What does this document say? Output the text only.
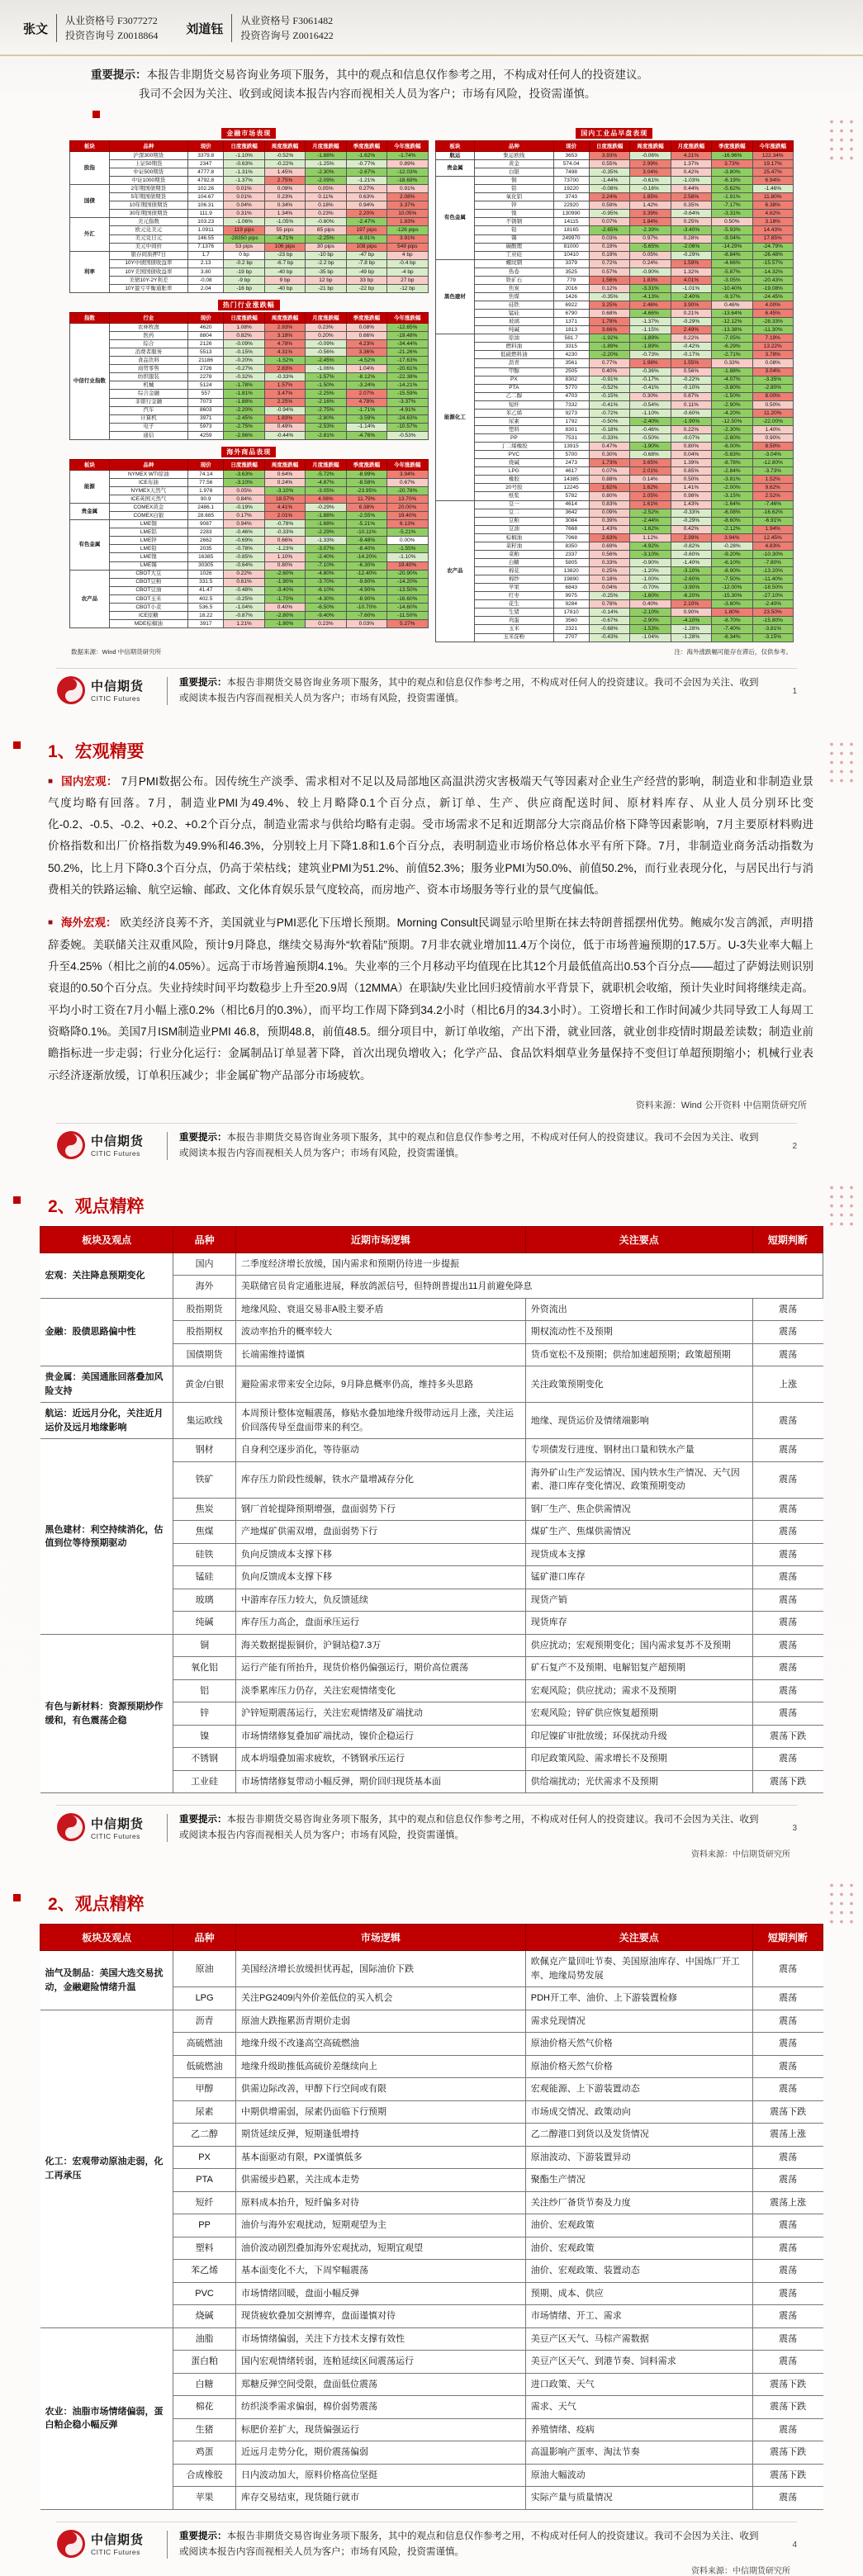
张文
从业资格号 F3077272
投资咨询号 Z0018864 刘道钰
从业资格号 F3061482
投资咨询号 Z0016422
重要提示：本报告非期货交易咨询业务项下服务，其中的观点和信息仅作参考之用，不构成对任何人的投资建议。
我司不会因为关注、收到或阅读本报告内容而视相关人员为客户；市场有风险，投资需谨慎。
金融市场表现
板块	品种	现价	日度涨跌幅	周度涨跌幅	月度涨跌幅	季度涨跌幅	今年涨跌幅
股指	沪深300期货	3379.8	-1.10%	-0.52%	-1.88%	-1.62%	-1.74%
	上证50期货	2347	-0.63%	-0.22%	-1.25%	-0.77%	0.89%
	中证500期货	4777.8	-1.31%	1.45%	-2.30%	-2.67%	-12.03%
	中证1000期货	4792.8	-1.37%	2.75%	-2.09%	-1.21%	-18.69%
国债	2年期国债期货	102.26	0.01%	0.09%	0.05%	0.27%	0.91%
	5年期国债期货	104.67	0.01%	0.23%	0.11%	0.63%	2.08%
	10年期国债期货	106.31	0.04%	0.34%	0.18%	0.94%	3.37%
	30年期国债期货	111.9	0.31%	1.34%	0.23%	2.20%	10.05%
外汇	美元指数	103.23	-1.06%	-1.05%	-0.80%	-2.47%	1.83%
	欧元兑美元	1.0911	119 pips	55 pips	85 pips	197 pips	-126 pips
	美元兑日元	146.55	-28350 pips	-4.71%	-2.25%	-8.91%	3.91%
	美元中间价	7.1376	53 pips	106 pips	30 pips	108 pips	549 pips
利率	银存间质押7日	1.7	0 bp	-23 bp	-10 bp	-47 bp	4 bp
	10Y中债国债收益率	2.13	-0.2 bp	-6.7 bp	-2.2 bp	-7.8 bp	-0.4 bp
	10Y美国国债收益率	3.80	-19 bp	-40 bp	-35 bp	-49 bp	-4 bp
	美债10Y-2Y利差	-0.08	-9 bp	9 bp	12 bp	33 bp	27 bp
	10Y盈亏平衡通胀率	2.04	-16 bp	-40 bp	-21 bp	-22 bp	-12 bp
热门行业涨跌幅
指数	行业	现价	日度涨跌幅	周度涨跌幅	月度涨跌幅	季度涨跌幅	今年涨跌幅
中信行业指数	农林牧渔	4620	1.08%	2.93%	0.23%	0.08%	-12.65%
	医药	8804	0.82%	3.18%	0.20%	0.66%	-19.48%
	综合	2126	-0.09%	4.78%	-0.09%	4.23%	-34.44%
	消费者服务	5513	-0.15%	4.31%	-0.56%	3.36%	-21.26%
	食品饮料	21186	-0.20%	-1.52%	-2.45%	-4.52%	-17.63%
	商贸零售	2726	-0.27%	2.83%	-1.06%	1.04%	-20.61%
	纺织服装	2278	-0.32%	-0.33%	-1.57%	-8.12%	-22.38%
	机械	5124	-1.78%	1.57%	-1.50%	-3.24%	-14.21%
	综合金融	557	-1.81%	3.47%	-2.25%	2.07%	-15.59%
	非银行金融	7073	-1.88%	2.25%	-2.16%	4.78%	-3.37%
	汽车	8603	-2.20%	-0.94%	-2.75%	-1.71%	-4.91%
	计算机	3971	-2.45%	1.83%	-2.80%	-3.59%	-24.63%
	电子	5973	-2.75%	0.49%	-2.53%	-1.14%	-10.57%
	通信	4259	-2.96%	-0.44%	-2.81%	-4.76%	-0.53%
海外商品表现
板块	品种	现价	日度涨跌幅	周度涨跌幅	月度涨跌幅	季度涨跌幅	今年涨跌幅
能源	NYMEX WTI原油	74.14	-3.63%	0.64%	-5.72%	-8.99%	3.94%
	ICE布油	77.56	-3.10%	0.24%	-4.87%	-8.58%	0.67%
	NYMEX天然气	1.978	0.05%	-3.10%	-3.05%	-23.95%	-20.78%
	ICE英国天然气	90.9	0.84%	18.57%	4.08%	11.79%	13.70%
贵金属	COMEX黄金	2486.1	-0.19%	4.41%	-0.29%	6.38%	20.00%
	COMEX白银	28.685	0.17%	2.01%	-1.88%	-2.55%	19.40%
有色金属	LME铜	9087	0.94%	-0.78%	-1.68%	-5.21%	6.13%
	LME铝	2283	-0.46%	-0.33%	-2.29%	-10.11%	-5.21%
	LME锌	2662	-0.69%	0.66%	-1.33%	-9.48%	0.00%
	LME铅	2035	-0.78%	-1.23%	-3.07%	-8.40%	-1.55%
	LME镍	16385	-0.85%	1.10%	-2.40%	-14.20%	-1.10%
	LME锡	30305	-0.64%	0.80%	-7.10%	-6.30%	19.40%
农产品	CBOT大豆	1026	0.22%	-2.60%	-4.80%	-12.40%	-20.90%
	CBOT豆粕	331.5	0.61%	-1.90%	-3.70%	-9.80%	-14.20%
	CBOT豆油	41.47	-0.48%	-3.40%	-6.10%	-4.90%	-13.50%
	CBOT玉米	402.5	-0.25%	-1.70%	-4.30%	-8.90%	-16.60%
	CBOT小麦	536.5	-1.04%	0.40%	-6.50%	-10.70%	-14.60%
	ICE原糖	18.22	-0.87%	-2.80%	-9.40%	-7.60%	-11.50%
	MDE棕榈油	3917	1.21%	-1.80%	0.23%	0.03%	5.27%
国内工业品早盘表现
板块	品种	现价	日度涨跌幅	周度涨跌幅	月度涨跌幅	季度涨跌幅	今年涨跌幅
航运	集运欧线	3653	3.93%	-0.06%	4.21%	-16.96%	122.34%
贵金属	黄金	574.04	0.55%	2.99%	1.37%	3.73%	19.17%
	白银	7498	-0.35%	3.04%	0.42%	-3.80%	25.47%
有色金属	铜	73700	-1.44%	-0.61%	-1.03%	-6.19%	6.94%
	铝	19220	-0.08%	-0.16%	0.44%	-5.62%	-1.46%
	氧化铝	3743	2.24%	1.85%	2.58%	-1.91%	11.80%
	锌	22920	0.59%	1.42%	0.35%	-7.17%	6.38%
	镍	130990	-0.95%	3.39%	-0.64%	-3.31%	4.62%
	不锈钢	14115	0.07%	1.84%	0.25%	0.50%	3.18%
	铅	18165	-2.65%	-2.39%	-3.40%	-5.93%	14.43%
	锡	249970	0.03%	0.97%	0.28%	-9.04%	17.85%
	碳酸锂	81000	0.19%	-5.65%	-2.06%	-14.29%	-24.79%
	工业硅	10410	0.19%	0.05%	-0.29%	-8.84%	-26.48%
黑色建材	螺纹钢	3379	0.72%	0.24%	1.59%	-4.66%	-15.57%
	热卷	3525	0.57%	-0.90%	1.32%	-5.87%	-14.32%
	铁矿石	779	1.56%	1.83%	4.01%	-3.05%	-20.43%
	焦炭	2016	0.12%	-3.31%	-1.01%	-10.40%	-19.08%
	焦煤	1426	-0.35%	-4.13%	-2.40%	-9.37%	-24.45%
	硅铁	6922	3.25%	2.46%	3.90%	0.46%	4.00%
	锰硅	6790	0.68%	-4.66%	0.21%	-13.64%	6.45%
	玻璃	1371	1.78%	-1.37%	-0.29%	-12.12%	-28.33%
	纯碱	1813	3.66%	-1.15%	2.49%	-13.38%	-11.30%
能源化工	原油	581.7	-1.92%	-1.89%	0.22%	-7.05%	7.19%
	燃料油	3315	-1.89%	-1.89%	-0.42%	-6.29%	13.22%
	低硫燃料油	4230	-2.20%	-0.73%	-0.17%	-2.71%	3.78%
	沥青	3561	0.77%	1.98%	1.55%	0.33%	0.08%
	甲醇	2505	0.40%	-0.36%	0.56%	-1.88%	3.04%
	PX	8302	-0.91%	-0.17%	-0.22%	-4.07%	-3.35%
	PTA	5770	-0.52%	-0.41%	-0.10%	-3.80%	-2.80%
	乙二醇	4703	-0.15%	0.30%	0.87%	-1.50%	8.00%
	短纤	7332	-0.41%	-0.54%	0.11%	-2.90%	0.50%
	苯乙烯	9273	-0.72%	-1.10%	-0.60%	-4.20%	11.20%
	尿素	1792	-0.50%	-2.40%	-1.90%	-12.50%	-22.00%
	塑料	8301	-0.18%	-0.46%	0.22%	-2.30%	1.40%
	PP	7531	-0.33%	-0.50%	-0.07%	-2.80%	0.90%
	丁二烯橡胶	13915	0.47%	-1.90%	0.80%	-6.00%	8.50%
	PVC	5700	0.30%	-0.68%	0.04%	-5.83%	-3.04%
	烧碱	2473	1.73%	3.65%	1.39%	-8.78%	-12.80%
	LPG	4617	0.07%	2.01%	0.85%	-2.84%	-3.73%
	橡胶	14385	0.88%	0.14%	0.50%	-3.81%	1.52%
	20号胶	12245	1.62%	1.62%	1.41%	-2.00%	9.62%
	纸浆	5782	0.80%	2.05%	0.98%	-3.15%	2.52%
农产品	豆一	4614	0.83%	1.61%	1.43%	-1.64%	-7.46%
	豆二	3642	0.09%	-2.52%	-0.33%	-6.08%	-16.62%
	豆粕	3084	0.39%	-2.44%	-0.29%	-8.60%	-6.91%
	豆油	7668	1.43%	-1.62%	0.42%	-2.12%	1.94%
	棕榈油	7968	2.63%	1.12%	2.39%	3.94%	12.45%
	菜籽油	8350	0.69%	-4.92%	-0.82%	-0.28%	4.83%
	菜粕	2337	0.56%	-3.10%	-0.60%	-9.20%	-10.30%
	白糖	5805	0.33%	-0.90%	-1.40%	-6.10%	-7.80%
	棉花	13820	0.25%	-1.20%	-3.10%	-8.90%	-13.20%
	棉纱	19890	0.18%	-1.00%	-2.60%	-7.50%	-11.40%
	苹果	6843	0.04%	-0.70%	-3.90%	-12.00%	-18.50%
	红枣	9975	-0.25%	-1.60%	-6.20%	-15.30%	-27.10%
	花生	9284	0.78%	0.40%	2.10%	-3.60%	-2.40%
	生猪	17810	-0.14%	-2.10%	0.90%	1.80%	23.50%
	鸡蛋	3560	-0.67%	-2.90%	-4.10%	-8.70%	-15.80%
	玉米	2321	-0.68%	-1.53%	-1.28%	-7.40%	-3.81%
	玉米淀粉	2707	-0.43%	-1.04%	-1.28%	-6.34%	-3.15%
数据来源：Wind 中信期货研究所	注：海外涨跌幅可能存在滞后，仅供参考。
中信期货
CITIC Futures
重要提示：本报告非期货交易咨询业务项下服务，其中的观点和信息仅作参考之用，不构成对任何人的投资建议。我司不会因为关注、收到或阅读本报告内容而视相关人员为客户；市场有风险，投资需谨慎。
1
1、宏观精要
■ 国内宏观： 7月PMI数据公布。因传统生产淡季、需求相对不足以及局部地区高温洪涝灾害极端天气等因素对企业生产经营的影响，制造业和非制造业景气度均略有回落。7月，制造业PMI为49.4%、较上月略降0.1个百分点，新订单、生产、供应商配送时间、原材料库存、从业人员分别环比变化-0.2、-0.5、-0.2、+0.2、+0.2个百分点，制造业需求与供给均略有走弱。受市场需求不足和近期部分大宗商品价格下降等因素影响，7月主要原材料购进价格指数和出厂价格指数为49.9%和46.3%，分别较上月下降1.8和1.6个百分点，表明制造业市场价格总体水平有所下降。7月，非制造业商务活动指数为50.2%，比上月下降0.3个百分点，仍高于荣枯线；建筑业PMI为51.2%、前值52.3%；服务业PMI为50.0%、前值50.2%，而行业表现分化，与居民出行与消费相关的铁路运输、航空运输、邮政、文化体育娱乐景气度较高，而房地产、资本市场服务等行业的景气度偏低。
■ 海外宏观： 欧美经济良莠不齐，美国就业与PMI恶化下压增长预期。Morning Consult民调显示哈里斯在抹去特朗普摇摆州优势。鲍威尔发言鸽派，声明措辞委婉。美联储关注双重风险，预计9月降息，继续交易海外“软着陆”预期。7月非农就业增加11.4万个岗位，低于市场普遍预期的17.5万。U-3失业率大幅上升至4.25%（相比之前的4.05%）。远高于市场普遍预期4.1%。失业率的三个月移动平均值现在比其12个月最低值高出0.53个百分点——超过了萨姆法则识别衰退的0.50个百分点。失业持续时间平均数稳步上升至20.9周（12MMA）在职缺/失业比回归疫情前水平背景下，就职机会收缩，预计失业时间将继续走高。平均小时工资在7月小幅上涨0.2%（相比6月的0.3%），而平均工作周下降到34.2小时（相比6月的34.3小时）。工资增长和工作时间减少共同导致工人每周工资略降0.1%。美国7月ISM制造业PMI 46.8，预期48.8，前值48.5。细分项目中，新订单收缩，产出下滑，就业回落，就业创非疫情时期最差读数；制造业前瞻指标进一步走弱；行业分化运行：金属制品订单显著下降，首次出现负增收入；化学产品、食品饮料烟草业务量保持不变但订单超预期缩小；机械行业表示经济逐渐放缓，订单积压减少；非金属矿物产品部分市场疲软。
资料来源：Wind 公开资料 中信期货研究所
中信期货
CITIC Futures
重要提示：本报告非期货交易咨询业务项下服务，其中的观点和信息仅作参考之用，不构成对任何人的投资建议。我司不会因为关注、收到或阅读本报告内容而视相关人员为客户；市场有风险，投资需谨慎。
2
2、观点精粹
板块及观点	品种	近期市场逻辑	关注要点	短期判断
宏观：关注降息预期变化	国内	二季度经济增长放缓，国内需求和预期仍待进一步提振		
	海外	美联储官员肯定通胀进展，释放鸽派信号，但特朗普提出11月前避免降息		
金融：股债思路偏中性	股指期货	地缘风险、衰退交易非A股主要矛盾	外资流出	震荡
	股指期权	波动率抬升的概率较大	期权流动性不及预期	震荡
	国债期货	长端需维持谨慎	货币宽松不及预期；供给加速超预期；政策超预期	震荡
贵金属：美国通胀回落叠加风险支持	黄金/白银	避险需求带来安全边际，9月降息概率仍高，维持多头思路	关注政策预期变化	上涨
航运：近远月分化，关注近月运价及远月地缘影响	集运欧线	本周预计整体宽幅震荡，修贴水叠加地缘升级带动远月上涨，关注运价回落传导至盘面带来的利空。	地缘、现货运价及情绪端影响	震荡
黑色建材：利空持续消化，估值到位等待预期驱动	钢材	自身利空逐步消化，等待驱动	专项债发行进度、钢材出口量和铁水产量	震荡
	铁矿	库存压力阶段性缓解，铁水产量增减存分化	海外矿山生产发运情况、国内铁水生产情况、天气因素、港口库存变化情况、政策预期变动	震荡
	焦炭	钢厂首轮提降预期增强，盘面弱势下行	钢厂生产、焦企供需情况	震荡
	焦煤	产地煤矿供需双增，盘面弱势下行	煤矿生产、焦煤供需情况	震荡
	硅铁	负向反馈成本支撑下移	现货成本支撑	震荡
	锰硅	负向反馈成本支撑下移	锰矿港口库存	震荡
	玻璃	中游库存压力较大，负反馈延续	现货产销	震荡
	纯碱	库存压力高企，盘面承压运行	现货库存	震荡
有色与新材料：资源预期炒作缓和，有色震荡企稳	铜	海关数据提振铜价，沪铜站稳7.3万	供应扰动；宏观预期变化；国内需求复苏不及预期	震荡
	氧化铝	运行产能有所抬升，现货价格仍偏强运行，期价高位震荡	矿石复产不及预期、电解铝复产超预期	震荡
	铝	淡季累库压力仍存，关注宏观情绪变化	宏观风险；供应扰动；需求不及预期	震荡
	锌	沪锌短期震荡运行，关注宏观情绪及矿端扰动	宏观风险；锌矿供应恢复超预期	震荡
	镍	市场情绪修复叠加矿端扰动，镍价企稳运行	印尼镍矿审批放缓；环保扰动升级	震荡下跌
	不锈钢	成本坍塌叠加需求疲软，不锈钢承压运行	印尼政策风险、需求增长不及预期	震荡
	工业硅	市场情绪修复带动小幅反弹，期价回归现货基本面	供给端扰动；光伏需求不及预期	震荡下跌
中信期货
CITIC Futures
重要提示：本报告非期货交易咨询业务项下服务，其中的观点和信息仅作参考之用，不构成对任何人的投资建议。我司不会因为关注、收到或阅读本报告内容而视相关人员为客户；市场有风险，投资需谨慎。
3
资料来源：中信期货研究所
2、观点精粹
板块及观点	品种	市场逻辑	关注要点	短期判断
油气及制品：美国大选交易扰动，金融避险情绪升温	原油	美国经济增长放缓担忧再起，国际油价下跌	欧佩克产量回吐节奏、美国原油库存、中国炼厂开工率、地缘局势发展	震荡
	LPG	关注PG2409内外价差低位的买入机会	PDH开工率、油价、上下游装置检修	震荡
化工：宏观带动原油走弱，化工再承压	沥青	原油大跌拖累沥青期价走弱	需求兑现情况	震荡
	高硫燃油	地缘升级不改逢高空高硫燃油	原油价格天然气价格	震荡
	低硫燃油	地缘升级助推低高硫价差继续向上	原油价格天然气价格	震荡
	甲醇	供需边际改善，甲醇下行空间或有限	宏观能源、上下游装置动态	震荡
	尿素	中期供增需弱，尿素仍面临下行预期	市场成交情况、政策动向	震荡下跌
	乙二醇	期货延续反弹，短期逢低增持	乙二醇港口到货以及发货情况	震荡上涨
	PX	基本面驱动有限，PX谨慎低多	原油波动、下游装置异动	震荡
	PTA	供需缓步趋累，关注成本走势	聚酯生产情况	震荡
	短纤	原料成本抬升，短纤偏多对待	关注纱厂备货节奏及力度	震荡上涨
	PP	油价与海外宏观扰动，短期观望为主	油价、宏观政策	震荡
	塑料	油价波动剧烈叠加海外宏观扰动，短期宜观望	油价、宏观政策	震荡
	苯乙烯	基本面变化不大，下周窄幅震荡	油价、宏观政策、装置动态	震荡
	PVC	市场情绪回暖，盘面小幅反弹	预期、成本、供应	震荡
	烧碱	现货疲软叠加交割博弈，盘面谨慎对待	市场情绪、开工、需求	震荡
农业：油脂市场情绪偏弱，蛋白粕企稳小幅反弹	油脂	市场情绪偏弱，关注下方技术支撑有效性	美豆产区天气、马棕产需数据	震荡
	蛋白粕	国内宏观情绪转弱，连粕延续区间震荡运行	美豆产区天气、到港节奏、饲料需求	震荡
	白糖	郑糖反弹空间受限，盘面低位震荡	进口政策、天气	震荡下跌
	棉花	纺织淡季需求偏弱，棉价弱势震荡	需求、天气	震荡下跌
	生猪	标肥价差扩大，现货偏强运行	养殖情绪、疫病	震荡
	鸡蛋	近远月走势分化，期价震荡偏弱	高温影响产蛋率、淘汰节奏	震荡下跌
	合成橡胶	日内波动加大，原料价格高位坚挺	原油大幅波动	震荡下跌
	苹果	库存交易结束，现货随行就市	实际产量与质量情况	震荡
中信期货
CITIC Futures
重要提示：本报告非期货交易咨询业务项下服务，其中的观点和信息仅作参考之用，不构成对任何人的投资建议。我司不会因为关注、收到或阅读本报告内容而视相关人员为客户；市场有风险，投资需谨慎。
4
资料来源：中信期货研究所
